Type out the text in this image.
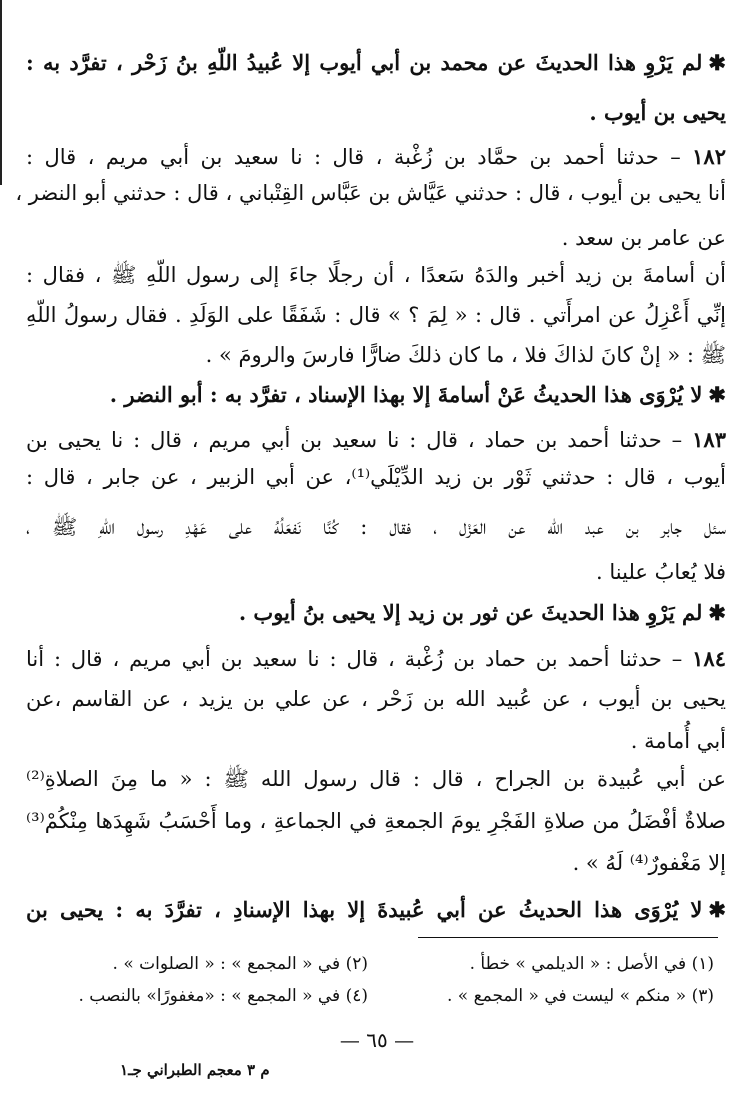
✱لم يَرْوِ هذا الحديثَ عن محمد بن أبي أيوب إلا عُبيدُ اللّهِ بنُ زَحْر ، تفرَّد به :
يحيى بن أيوب .
١٨٢ – حدثنا أحمد بن حمَّاد بن زُغْبة ، قال : نا سعيد بن أبي مريم ، قال :
أنا يحيى بن أيوب ، قال : حدثني عَيَّاش بن عَبَّاس القِتْباني ، قال : حدثني أبو النضر ،
عن عامر بن سعد .
أن أسامةَ بن زيد أخبر والدَهُ سَعدًا ، أن رجلًا جاءَ إلى رسول اللّهِ ﷺ ، فقال :
إنِّي أَعْزِلُ عن امرأَتي . قال : « لِمَ ؟ » قال : شَفَقًا على الوَلَدِ . فقال رسولُ اللّهِ
ﷺ : « إنْ كانَ لذاكَ فلا ، ما كان ذلكَ ضارًّا فارسَ والرومَ » .
✱لا يُرْوَى هذا الحديثُ عَنْ أسامةَ إلا بهذا الإسناد ، تفرَّد به : أبو النضر .
١٨٣ – حدثنا أحمد بن حماد ، قال : نا سعيد بن أبي مريم ، قال : نا يحيى بن
أيوب ، قال : حدثني ثَوْر بن زيد الدِّيْلَي⁽¹⁾، عن أبي الزبير ، عن جابر ، قال :
سئل جابر بن عبد الله عن العَزْل ، فقال : كُنَّا نَفعَلُهُ على عَهْدِ رسول اللّهِ ﷺ ،
فلا يُعابُ علينا .
✱لم يَرْوِ هذا الحديثَ عن ثور بن زيد إلا يحيى بنُ أيوب .
١٨٤ – حدثنا أحمد بن حماد بن زُغْبة ، قال : نا سعيد بن أبي مريم ، قال : أنا
يحيى بن أيوب ، عن عُبيد الله بن زَحْر ، عن علي بن يزيد ، عن القاسم ،عن
أبي أُمامة .
عن أبي عُبيدة بن الجراح ، قال : قال رسول الله ﷺ : « ما مِنَ الصلاةِ⁽²⁾
صلاةٌ أفْضَلُ من صلاةِ الفَجْرِ يومَ الجمعةِ في الجماعةِ ، وما أَحْسَبُ شَهِدَها مِنْكُمْ⁽³⁾
إلا مَغْفورٌ⁽⁴⁾ لَهُ » .
✱لا يُرْوَى هذا الحديثُ عن أبي عُبيدةَ إلا بهذا الإسنادِ ، تفرَّدَ به : يحيى بن
(١) في الأصل : « الديلمي » خطأ .
(٢) في « المجمع » : « الصلوات » .
(٣) « منكم » ليست في « المجمع » .
(٤) في « المجمع » : «مغفورًا» بالنصب .
— ٦٥ —
م ٣ معجم الطبراني جـ١
